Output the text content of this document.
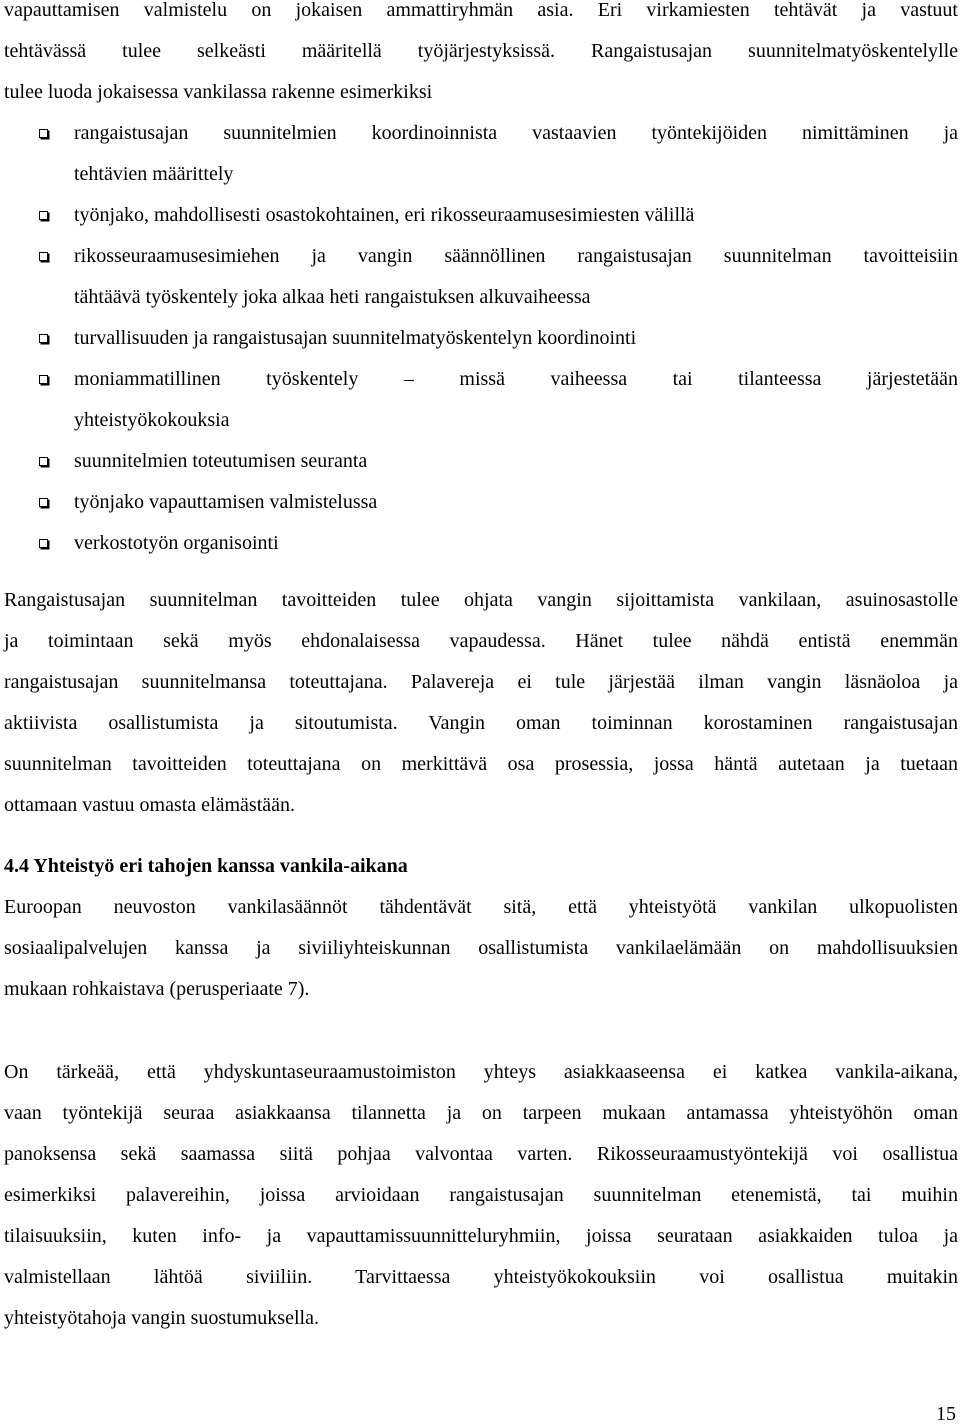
vapauttamisen valmistelu on jokaisen ammattiryhmän asia. Eri virkamiesten tehtävät ja vastuut
tehtävässä tulee selkeästi määritellä työjärjestyksissä. Rangaistusajan suunnitelmatyöskentelylle
tulee luoda jokaisessa vankilassa rakenne esimerkiksi
rangaistusajan suunnitelmien koordinoinnista vastaavien työntekijöiden nimittäminen ja
tehtävien määrittely
työnjako, mahdollisesti osastokohtainen, eri rikosseuraamusesimiesten välillä
rikosseuraamusesimiehen ja vangin säännöllinen rangaistusajan suunnitelman tavoitteisiin
tähtäävä työskentely joka alkaa heti rangaistuksen alkuvaiheessa
turvallisuuden ja rangaistusajan suunnitelmatyöskentelyn koordinointi
moniammatillinen työskentely – missä vaiheessa tai tilanteessa järjestetään
yhteistyökokouksia
suunnitelmien toteutumisen seuranta
työnjako vapauttamisen valmistelussa
verkostotyön organisointi
Rangaistusajan suunnitelman tavoitteiden tulee ohjata vangin sijoittamista vankilaan, asuinosastolle
ja toimintaan sekä myös ehdonalaisessa vapaudessa. Hänet tulee nähdä entistä enemmän
rangaistusajan suunnitelmansa toteuttajana. Palavereja ei tule järjestää ilman vangin läsnäoloa ja
aktiivista osallistumista ja sitoutumista. Vangin oman toiminnan korostaminen rangaistusajan
suunnitelman tavoitteiden toteuttajana on merkittävä osa prosessia, jossa häntä autetaan ja tuetaan
ottamaan vastuu omasta elämästään.
4.4 Yhteistyö eri tahojen kanssa vankila-aikana
Euroopan neuvoston vankilasäännöt tähdentävät sitä, että yhteistyötä vankilan ulkopuolisten
sosiaalipalvelujen kanssa ja siviiliyhteiskunnan osallistumista vankilaelämään on mahdollisuuksien
mukaan rohkaistava (perusperiaate 7).
On tärkeää, että yhdyskuntaseuraamustoimiston yhteys asiakkaaseensa ei katkea vankila-aikana,
vaan työntekijä seuraa asiakkaansa tilannetta ja on tarpeen mukaan antamassa yhteistyöhön oman
panoksensa sekä saamassa siitä pohjaa valvontaa varten. Rikosseuraamustyöntekijä voi osallistua
esimerkiksi palavereihin, joissa arvioidaan rangaistusajan suunnitelman etenemistä, tai muihin
tilaisuuksiin, kuten info- ja vapauttamissuunnitteluryhmiin, joissa seurataan asiakkaiden tuloa ja
valmistellaan lähtöä siviiliin. Tarvittaessa yhteistyökokouksiin voi osallistua muitakin
yhteistyötahoja vangin suostumuksella.
15
